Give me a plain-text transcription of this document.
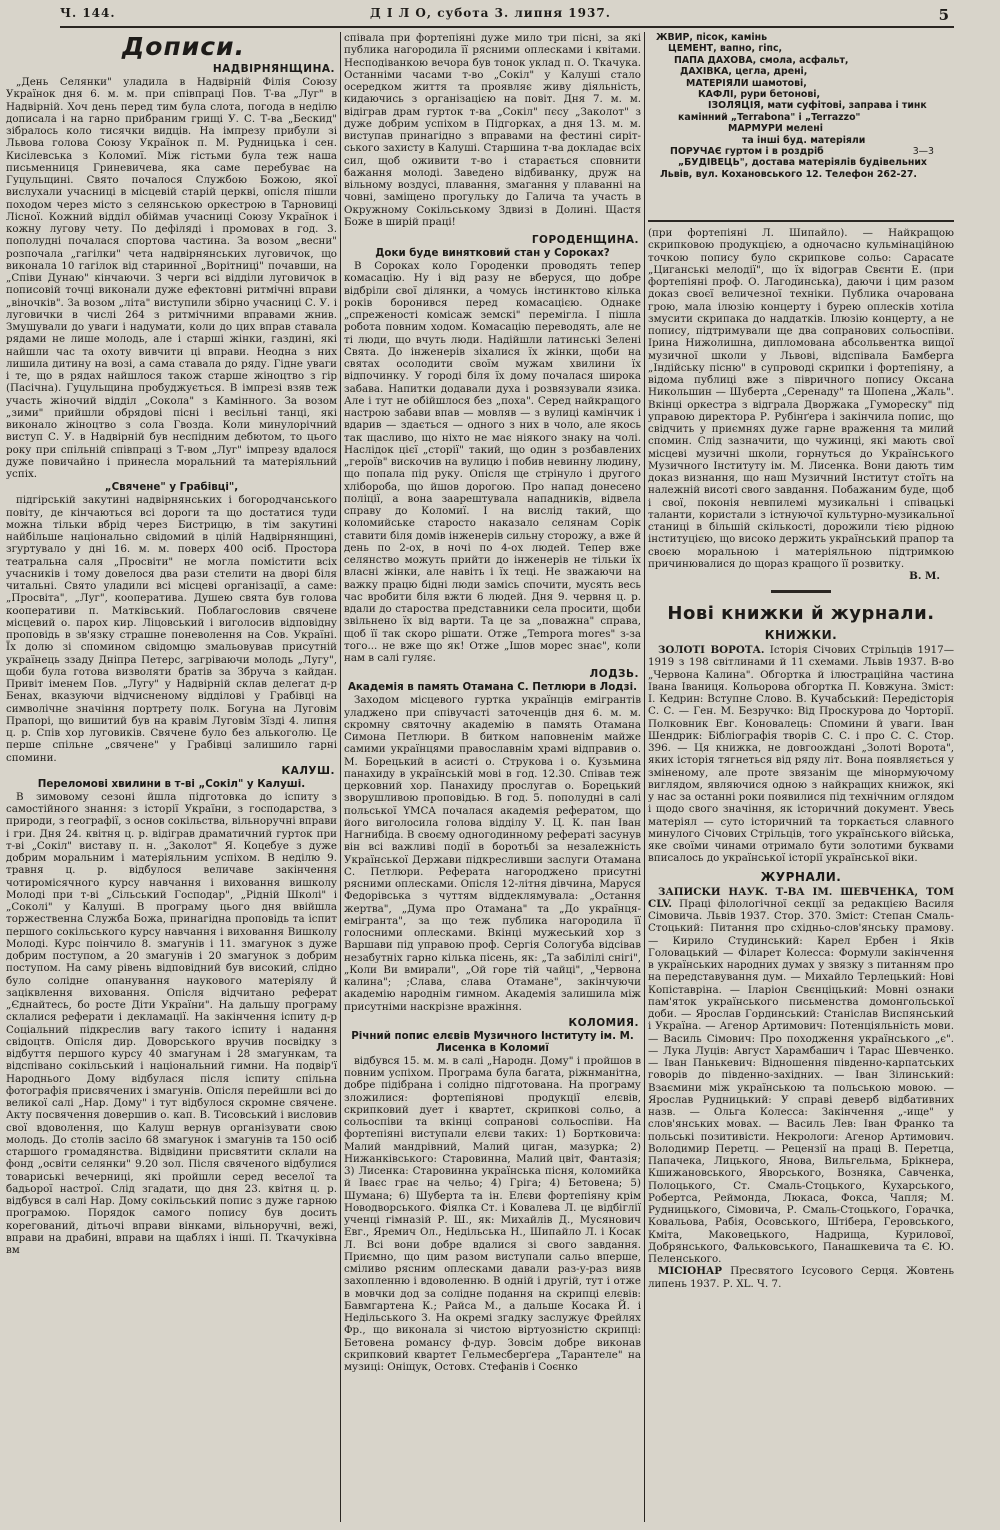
Ч. 144.	Д І Л О, субота 3. липня 1937.	5
Дописи.
НАДВІРНЯНЩИНА.

„День Селянки" уладила в Надвірній Філія Союзу Українок дня 6. м. м. при співпраці Пов. Т-ва „Луг" в Надвірній. Хоч день перед тим була слота, погода в неділю дописала і на гарно прибраним грищі У. С. Т-ва „Бескид" зібралось коло тисячки видців. На імпрезу прибули зі Львова голова Союзу Українок п. М. Рудницька і сен. Кисілевська з Коломиї. Між гістьми була теж наша письменниця Гриневичева, яка саме перебуває на Гуцульщині. Свято почалося Службою Божою, якої вислухали учасниці в місцевій старій церкві, опісля пішли походом через місто з селянською оркестрою в Тарновиці Лісної. Кожний відділ обіймав учасниці Союзу Українок і кожну лугову чету. По дефіляді і промовах в год. 3. пополудні почалася спортова частина. За возом „весни" розпочала „гагілки" чета надвірнянських луговичок, що виконала 10 гагілок від старинної „Ворітниці" почавши, на „Співи Дунаю" кінчаючи. З черги всі відділи луговичок в пописовій точці виконали дуже ефектовні ритмічні вправи „віночків". За возом „літа" виступили збірно учасниці С. У. і луговички в числі 264 з ритмічними вправами жнив. Змушували до уваги і надумати, коли до цих вправ ставала рядами не лише молодь, але і старші жінки, газдині, які найшли час та охоту вивчити ці вправи. Неодна з них лишила дитину на возі, а сама ставала до ряду. Гідне уваги і те, що в рядах найшлося також старше жіноцтво з гір (Пасічна). Гуцульщина пробуджується. В імпрезі взяв теж участь жіночий відділ „Сокола" з Камінного. За возом „зими" прийшли обрядові пісні і весільні танці, які виконало жіноцтво з сола Гвозда. Коли минулорічний виступ С. У. в Надвірній був неспідним дебютом, то цього року при спільній співпраці з Т-вом „Луг" імпрезу вдалося дуже повичайно і принесла моральний та матеріяльний успіх.

„Свячене" у Грабівці",

підгірській закутині надвірнянських і богородчанського повіту, де кінчаються всі дороги та що достатися туди можна тільки вбрід через Бистрицю, в тім закутині найбільше національно свідомий в цілій Надвірнянщині, згуртувало у дні 16. м. м. поверх 400 осіб. Простора театральна саля „Просвіти" не могла помістити всіх учасників і тому довелося два рази стелити на дворі біля читальні. Свято уладили всі місцеві організації, а саме: „Просвіта", „Луг", кооператива. Душею свята був голова кооперативи п. Матківський. Поблагословив свячене місцевий о. парох кир. Ліцовський і виголосив відповідну проповідь в зв'язку страшне поневолення на Сов. Україні. Їх долю зі спомином свідомцю змальовував присутній українець ззаду Дніпра Петерс, загріваючи молодь „Лугу", щоби була готова визволяти братів за Збруча з кайдан. Привіт іменем Пов. „Лугу" у Надвірній склав делегат д-р Бенах, вказуючи відчисненому відділові у Грабівці на символічне значіння портрету полк. Богуна на Луговім Прапорі, що вишитий був на кравім Луговім Зїзді 4. липня ц. р. Спів хор луговиків. Свячене було без алькоголю. Це перше спільне „свячене" у Грабівці залишило гарні спомини.

КАЛУШ.
Переломові хвилини в т-ві „Сокіл" у Калуші.

В зимовому сезоні йшла підготовка до іспиту з самостійного знання: з історії України, з господарства, з природи, з географії, з основ сокільства, вільноручні вправи і гри. Дня 24. квітня ц. р. відіграв драматичний гурток при т-ві „Сокіл" виставу п. н. „Заколот" Я. Коцебуе з дуже добрим моральним і матеріяльним успіхом. В неділю 9. травня ц. р. відбулося величаве закінчення чотиромісячного курсу навчання і виховання вишколу Молоді при т-ві „Сільський Господар", „Рідній Школі" і „Соколі" у Калуші. В програму цього дня ввійшла торжественна Служба Божа, принагідна проповідь та іспит першого сокільського курсу навчання і виховання Вишколу Молоді. Курс поінчило 8. змагунів і 11. змагунок з дуже добрим поступом, а 20 змагунів і 20 змагунок з добрим поступом. На саму рівень відповідний був високий, слідно було солідне опанування наукового матеріялу й заціквлення виховання. Опісля відчитано реферат „Єднайтесь, бо росте Діти України". На дальшу програму склалися реферати і декламації. На закінчення іспиту д-р Соціальний підкреслив вагу такого іспиту і надання свідоцтв. Опісля дир. Доворського вручив посвідку з відбуття першого курсу 40 змагунам і 28 змагункам, та відспівано сокільський і національний гимни. На подвір'ї Народнього Дому відбулася після іспиту спільна фотографія присвячених і змагунів. Опісля перейшли всі до великої салі „Нар. Дому" і тут відбулося скромне свячене. Акту посвячення довершив о. кап. В. Тисовський і висловив свої вдоволення, що Калуш вернув організувати свою молодь. До столів засіло 68 змагунок і змагунів та 150 осіб старшого громадянства. Відвідини присвятити склали на фонд „освіти селянки" 9.20 зол. Після свяченого відбулися товариські вечерниці, які пройшли серед веселої та бадьорої настрої. Слід згадати, що дня 23. квітня ц. р. відбувся в салі Нар. Дому сокільський попис з дуже гарною програмою. Порядок самого попису був досить корегований, дітьочі вправи вінками, вільноручні, вежі, вправи на драбині, вправи на щаблях і інші. П. Ткачуківна вм

співала при фортепіяні дуже мило три пісні, за які публика нагородила її рясними оплесками і квітами. Несподіванкою вечора був тонок уклад п. О. Ткачука. Останніми часами т-во „Сокіл" у Калуші стало осередком життя та проявляє живу діяльність, кидаючись з організацією на повіт. Дня 7. м. м. відіграв драм гурток т-ва „Сокіл" пєсу „Заколот" з дуже добрим успіхом в Підгорках, а дня 13. м. м. виступав принагідно з вправами на фестині сиріт-ського захисту в Калуші. Старшина т-ва докладає всіх сил, щоб оживити т-во і старається сповнити бажання молоді. Заведено відбиванку, друж на вільному воздусі, плавання, змагання у плаванні на човні, заміщено прогульку до Галича та участь в Окружному Сокільському Здвизі в Долині. Щастя Боже в ширій праці!

ГОРОДЕНЩИНА.
Доки буде винятковий стан у Сороках?

В Сороках коло Городенки проводять тепер комасацію. Ну і від разу не вберуся, що добре відбріли свої ділянки, а чомусь інстинктово кілька років боронився перед комасацією. Однаке „спреженості комісаж земскі" перемігла. І пішла робота повним ходом. Комасацію переводять, але не ті люди, що вчуть люди. Надійшли латинські Зелені Свята. До інженерів зіхалися їх жінки, щоби на святах осолодити своїм мужам хвилини їх відпочинку. У городі біля їх дому почалася широка забава. Напитки додавали духа і розвязували язика. Але і тут не обійшлося без „поха". Серед найкращого настрою забави впав — мовляв — з вулиці камінчик і вдарив — здається — одного з них в чоло, але якось так щасливо, що ніхто не має ніякого знаку на чолі. Наслідок цієї „сторії" такий, що один з розбавлених „героїв" вискочив на вулицю і побив невинну людину, що попала під руку. Опісля ще стрінуло і другого хлібороба, що йшов дорогою. Про напад донесено поліції, а вона заарештувала нападників, відвела справу до Коломиї. І на вислід такий, що коломийське старосто наказало селянам Сорік ставити біля домів інженерів сильну сторожу, а вже й день по 2-ох, в ночі по 4-ох людей. Тепер вже селянство можуть прийти до інженерів не тільки їх власні жінки, але навіть і їх теці. Не зважаючи на важку працю бідні люди замісь спочити, мусять весь час вробити біля вжти 6 людей. Дня 9. червня ц. р. вдали до староства представники села просити, щоби звільнено їх від варти. Та це за „поважна" справа, щоб її так скоро рішати. Отже „Tempora mores" з-за того... не вже що як! Отже „Ішов морес знає", коли нам в салі гуляє.

ЛОДЗЬ.
Академія в память Отамана С. Петлюри в Лодзі.

Заходом місцевого гуртка українців емігрантів уладжено при співучасті заточенців дня 6. м. м. скромну святочну академію в память Отамана Симона Петлюри. В битком наповненім майже самими українцями православнім храмі відправив о. М. Борецький в асисті о. Струкова і о. Кузьмина панахиду в українській мові в год. 12.30. Співав теж церковний хор. Панахиду прослугав о. Борецький зворушливою проповідью. В год. 5. пополудні в салі польської YMCA почалася академія рефератом, що його виголосила голова відділу У. Ц. К. пан Іван Нагнибіда. В своєму одногодинному рефераті засунув він всі важливі події в боротьбі за незалежність Української Держави підкресливши заслуги Отамана С. Петлюри. Реферата нагороджено присутні рясними оплесками. Опісля 12-літня дівчина, Маруся Федорівська з чуттям віддеклямувала: „Остання жертва", „Дума про Отамана" та „До українця-емігранта", за що теж публика нагородила її голосними оплесками. Вкінці мужеський хор з Варшави під управою проф. Сергія Сологуба відсівав незабутніх гарно кілька пісень, як: „Та забілілі снігі", „Коли Ви вмирали", „Ой горе тій чайці", „Червона калина"; ;Слава, слава Отамане", закінчуючи академію народнім гимном. Академія залишила між присутніми наскрізне вражіння.

КОЛОМИЯ.
Річний попис елєвів Музичного Інституту ім. М. Лисенка в Коломиї

відбувся 15. м. м. в салі „Народн. Дому" і пройшов в повним успіхом. Програма була багата, ріжнманітна, добре підібрана і солідно підготована. На програму зложилися: фортепіянові продукції елєвів, скрипковий дует і квартет, скрипкові сольо, а сольоспіви та вкінці сопранові сольоспіви. На фортепіяні виступали елєви таких: 1) Бортковича: Малий мандрівний, Малий циган, мазурка; 2) Нижанківського: Старовинна, Малий цвіт, Фантазія; 3) Лисенка: Старовинна українська пісня, коломийка й Іваєс грає на чельо; 4) Гріга; 4) Бетовена; 5) Шумана; 6) Шуберта та ін. Елєви фортепіяну крім Новодворського. Фіялка Ст. і Ковалева Л. це відбіглії ученці гімназій Р. Ш., як: Михайлів Д., Мусянович Евг., Яремич Ол., Недільська Н., Шипайло Л. і Косак Л. Всі вони добре вдалися зі свого завдання. Приємно, що цим разом виступали сальо вперше, сміливо рясним оплесками давали раз-у-раз вияв захопленню і вдоволенню. В одній і другій, тут і отже в мовчки дод за солідне подання на скрипці елєвів: Бавмгартена К.; Райса М., а дальше Косака Й. і Недільського З. На окремі згадку заслужує Фрейлях Фр., що виконала зі чистою віртуозністю скрипці: Бетовена романсу ф-дур. Зовсім добре виконав скрипковий квартет Гельмесберґера „Тарантеле" на музиці: Оніщук, Остовх. Стефанів і Соєнко

ЖВИР, пісок, камінь
ЦЕМЕНТ, вапно, гіпс,
ПАПА ДАХОВА, смола, асфальт,
ДАХІВКА, цегла, дренi,
МАТЕРІЯЛИ шамотові,
КАФЛІ, рури бетонові,
ІЗОЛЯЦІЯ, мати суфітові, заправа і тинк
камінний „Terrabona" і „Terrazzo"
МАРМУРИ мелені
та інші буд. матеріяли
ПОРУЧАЄ гуртом і в роздріб	3—3
„БУДІВЕЦЬ", достава матеріялів будівельних
Львів, вул. Кохановського 12. Телефон 262-27.

(при фортепіяні Л. Шипайло). — Найкращою скрипковою продукцією, а одночасно кульмінаційною точкою попису було скрипкове сольо: Сарасате „Циганські мелодії", що їх відограв Свєнти Е. (при фортепіяні проф. О. Лагодинська), даючи і цим разом доказ своєї величезної техніки. Публика очарована грою, мала ілюзію концерту і бурею оплесків хотіла змусити скрипака до наддатків. Ілюзію концерту, а не попису, підтримували ще два сопранових сольоспіви. Ірина Нижолишна, дипломована абсольвентка вищої музичної школи у Львові, відспівала Бамберга „Індійську пісню" в супроводі скрипки і фортепіяну, а відома публиці вже з півричного попису Оксана Никольшин — Шуберта „Серенаду" та Шопена „Жаль". Вкінці оркестра з відграла Дворжака „Гумореску" під управою директора Р. Рубінґера і закінчила попис, що свідчить у приємнях дуже гарне враження та милий спомин. Слід зазначити, що чужинці, які мають свої місцеві музичні школи, горнуться до Українського Музичного Інституту ім. М. Лисенка. Вони дають тим доказ визнання, що наш Музичний Інститут стоїть на належній висоті свого завдання. Побажаним буде, щоб і свої, поконія невпилемі музикальні і співацькі таланти, користали з істнуючої культурно-музикальної станиці в більшій скількості, дорожили тією рідною інституцією, що високо держить український прапор та своєю моральною і матеріяльною підтримкою причинювалися до щораз кращого її розвитку.

В. М.
Нові книжки й журнали.
КНИЖКИ.

ЗОЛОТІ ВОРОТА. Історія Січових Стрільців 1917—1919 з 198 світлинами й 11 схемами. Львів 1937. В-во „Червона Калина". Обгортка й ілюстраційна частина Івана Іваниця. Кольорова обгортка П. Ковжуна. Зміст: І. Кедрин: Вступне Слово. В. Кучабський: Передісторія С. С. — Ген. М. Безручко: Від Проскурова до Чорторії. Полковник Евг. Коновалець: Спомини й уваги. Іван Шендрик: Бібліографія творів С. С. і про С. С. Стор. 396. — Ця книжка, не довгоождані „Золоті Ворота", яких історія тягнеться від ряду літ. Вона появляється у зміненому, але проте звязанім ще мінормуючому виглядом, являючися одною з найкращих книжок, які у нас за останні роки появилися під технічним оглядом і щодо свого значіння, як історичний документ. Увесь матеріял — суто історичний та торкається славного минулого Січових Стрільців, того українського війська, яке своїми чинами отримало бути золотими буквами вписалось до української історії української віки.

ЖУРНАЛИ.

ЗАПИСКИ НАУК. Т-ВА ІМ. ШЕВЧЕНКА, ТОМ СLV. Праці філологічної секції за редакцією Василя Сімовича. Львів 1937. Стор. 370. Зміст: Степан Смаль-Стоцький: Питання про східньо-слов'янську прамову. — Кирило Студинський: Карел Ербен і Яків Головацький — Філарет Колесса: Формули закінчення в українських народних думах у звязку з питанням про на передставування дум. — Михайло Терлецький: Нові Копіставріна. — Іларіон Свєнціцький: Мовні ознаки пам'яток українського письменства домонгольської доби. — Ярослав Гординський: Станіслав Виспянський і Україна. — Агенор Артимович: Потенціяльність мови. — Василь Сімович: Про походження українського „є". — Лука Луців: Август Харамбашич і Тарас Шевченко. — Іван Панькевич: Відношення південно-карпатських говорів до південно-західних. — Іван Зілинський: Взаємини між українською та польською мовою. — Ярослав Рудницький: У справі деверб відбативних назв. — Ольга Колесса: Закінчення „-ище" у слов'янських мовах. — Василь Лев: Іван Франко та польські позитивісти. Некрологи: Агенор Артимович. Володимир Перетц. — Рецензії на праці В. Перетца, Папачека, Лицького, Янова, Вильгельма, Брікнера, Кшижановського, Яворського, Возняка, Савченка, Полоцького, Ст. Смаль-Стоцького, Кухарського, Робертса, Реймонда, Люкаса, Фокса, Чапля; М. Рудницького, Сімовича, Р. Смаль-Стоцького, Горачка, Ковальова, Рабія, Осовського, Штібера, Геровського, Кміта, Маковецького, Надрища, Курилової, Добрянського, Фальковського, Панашкевича та Є. Ю. Пеленського.

МІСІОНАР Пресвятого Ісусового Серця. Жовтень липень 1937. Р. XL. Ч. 7.
